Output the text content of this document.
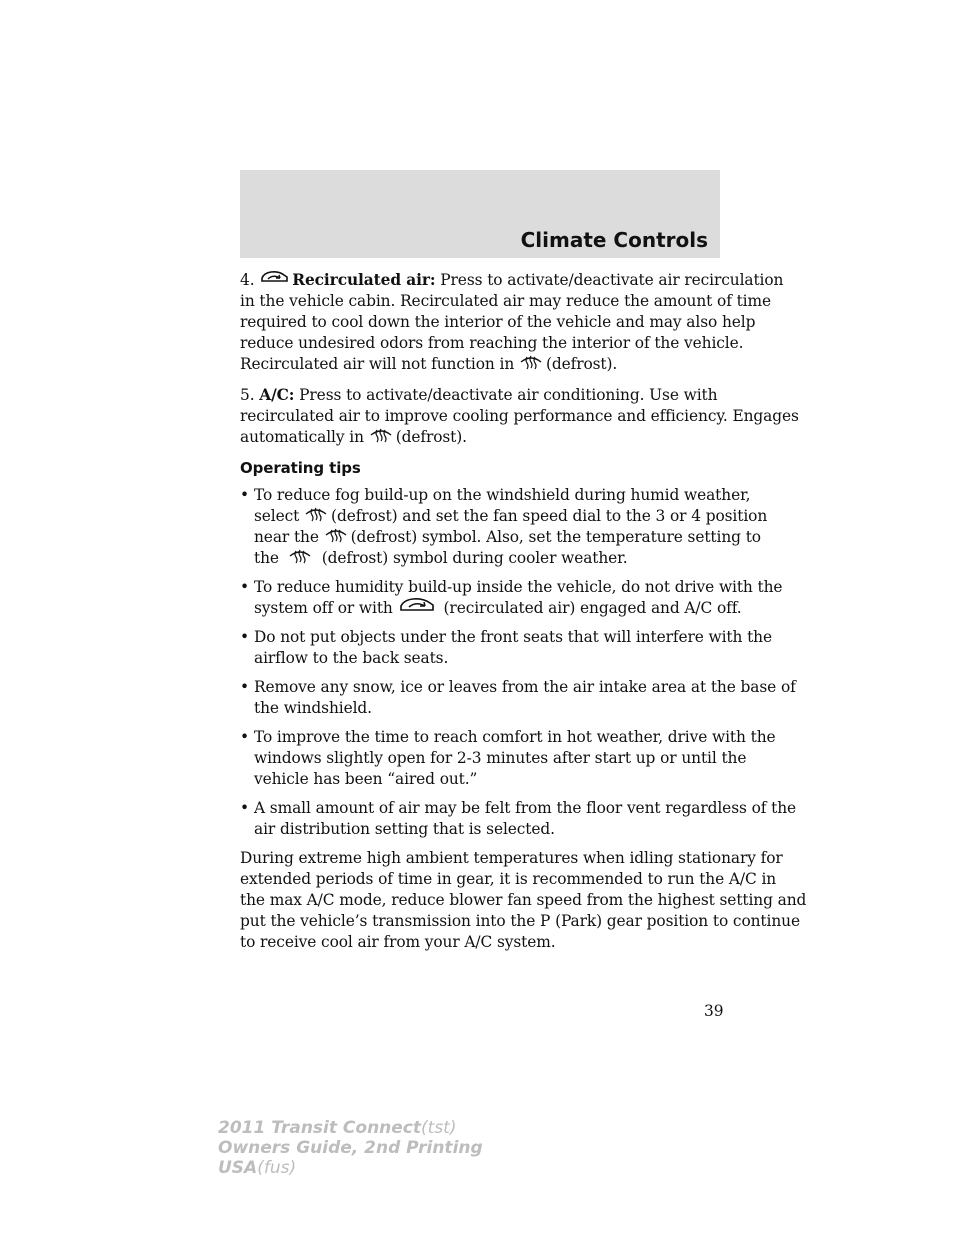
Climate Controls

4. Recirculated air: Press to activate/deactivate air recirculation
in the vehicle cabin. Recirculated air may reduce the amount of time
required to cool down the interior of the vehicle and may also help
reduce undesired odors from reaching the interior of the vehicle.
Recirculated air will not function in (defrost).

5. A/C: Press to activate/deactivate air conditioning. Use with
recirculated air to improve cooling performance and efficiency. Engages
automatically in (defrost).

Operating tips
• To reduce fog build-up on the windshield during humid weather,
select (defrost) and set the fan speed dial to the 3 or 4 position
near the (defrost) symbol. Also, set the temperature setting to
the	(defrost) symbol during cooler weather.
• To reduce humidity build-up inside the vehicle, do not drive with the
system off or with	(recirculated air) engaged and A/C off.
• Do not put objects under the front seats that will interfere with the
airflow to the back seats.
• Remove any snow, ice or leaves from the air intake area at the base of
the windshield.
• To improve the time to reach comfort in hot weather, drive with the
windows slightly open for 2-3 minutes after start up or until the
vehicle has been “aired out.”
• A small amount of air may be felt from the floor vent regardless of the
air distribution setting that is selected.

During extreme high ambient temperatures when idling stationary for
extended periods of time in gear, it is recommended to run the A/C in
the max A/C mode, reduce blower fan speed from the highest setting and
put the vehicle’s transmission into the P (Park) gear position to continue
to receive cool air from your A/C system.

39
2011 Transit Connect(tst)
Owners Guide, 2nd Printing
USA(fus)
